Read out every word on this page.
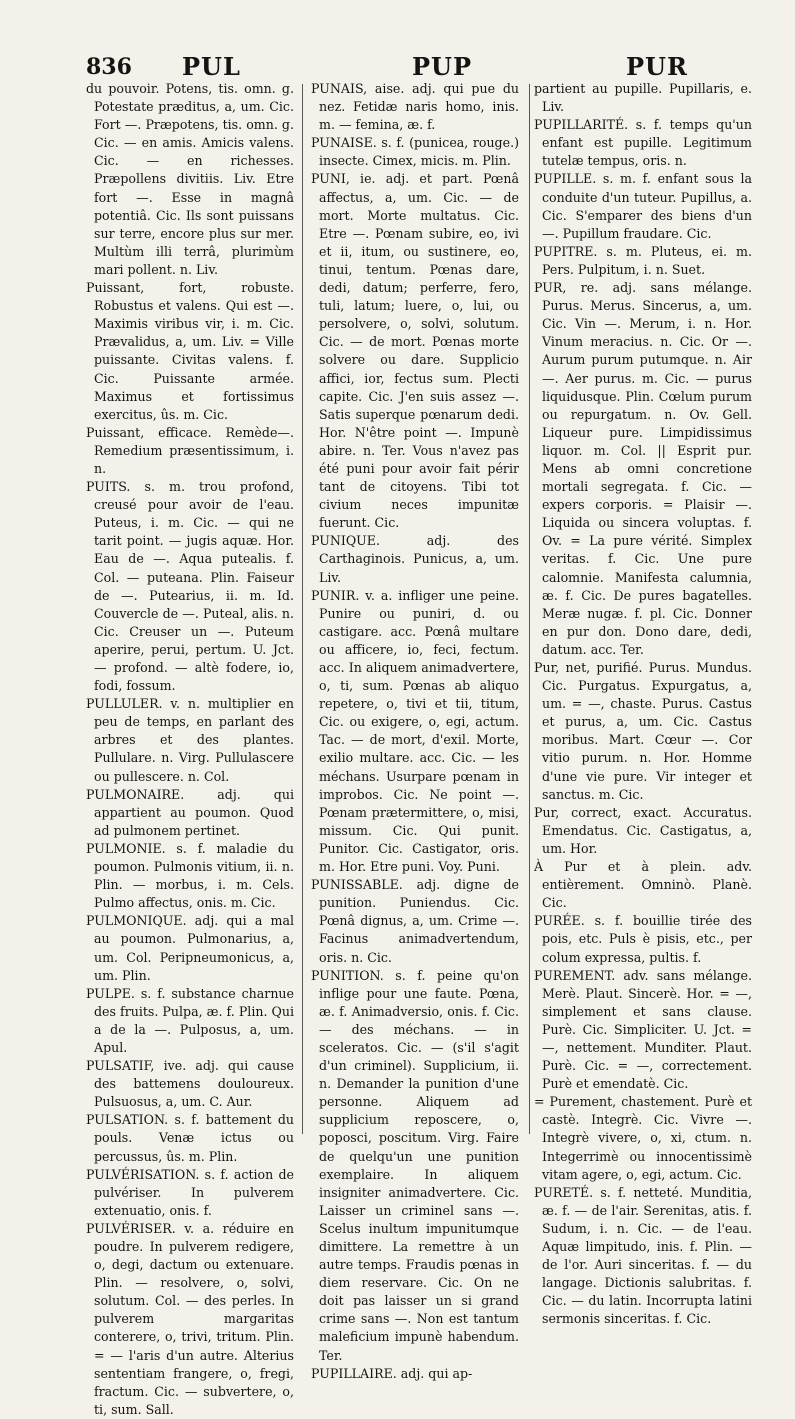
836 PUL	PUP	PUR

du pouvoir. Potens, tis. omn. g. Potestate præditus, a, um. Cic. Fort —. Præpotens, tis. omn. g. Cic. — en amis. Amicis valens. Cic. — en richesses. Præpollens divitiis. Liv. Etre fort —. Esse in magnâ potentiâ. Cic. Ils sont puissans sur terre, encore plus sur mer. Multùm illi terrâ, plurimùm mari pollent. n. Liv.

Puissant, fort, robuste. Robustus et valens. Qui est —. Maximis viribus vir, i. m. Cic. Prævalidus, a, um. Liv. = Ville puissante. Civitas valens. f. Cic. Puissante armée. Maximus et fortissimus exercitus, ûs. m. Cic.

Puissant, efficace. Remède—. Remedium præsentissimum, i. n.

PUITS. s. m. trou profond, creusé pour avoir de l'eau. Puteus, i. m. Cic. — qui ne tarit point. — jugis aquæ. Hor. Eau de —. Aqua putealis. f. Col. — puteana. Plin. Faiseur de —. Putearius, ii. m. Id. Couvercle de —. Puteal, alis. n. Cic. Creuser un —. Puteum aperire, perui, pertum. U. Jct. — profond. — altè fodere, io, fodi, fossum.

PULLULER. v. n. multiplier en peu de temps, en parlant des arbres et des plantes. Pullulare. n. Virg. Pullulascere ou pullescere. n. Col.

PULMONAIRE. adj. qui appartient au poumon. Quod ad pulmonem pertinet.

PULMONIE. s. f. maladie du poumon. Pulmonis vitium, ii. n. Plin. — morbus, i. m. Cels. Pulmo affectus, onis. m. Cic.

PULMONIQUE. adj. qui a mal au poumon. Pulmonarius, a, um. Col. Peripneumonicus, a, um. Plin.

PULPE. s. f. substance charnue des fruits. Pulpa, æ. f. Plin. Qui a de la —. Pulposus, a, um. Apul.

PULSATIF, ive. adj. qui cause des battemens douloureux. Pulsuosus, a, um. C. Aur.

PULSATION. s. f. battement du pouls. Venæ ictus ou percussus, ûs. m. Plin.

PULVÉRISATION. s. f. action de pulvériser. In pulverem extenuatio, onis. f.

PULVÉRISER. v. a. réduire en poudre. In pulverem redigere, o, degi, dactum ou extenuare. Plin. — resolvere, o, solvi, solutum. Col. — des perles. In pulverem margaritas conterere, o, trivi, tritum. Plin. = — l'aris d'un autre. Alterius sententiam frangere, o, fregi, fractum. Cic. — subvertere, o, ti, sum. Sall.

PUNAIS, aise. adj. qui pue du nez. Fetidæ naris homo, inis. m. — femina, æ. f.

PUNAISE. s. f. (punicea, rouge.) insecte. Cimex, micis. m. Plin.

PUNI, ie. adj. et part. Pœnâ affectus, a, um. Cic. — de mort. Morte multatus. Cic. Etre —. Pœnam subire, eo, ivi et ii, itum, ou sustinere, eo, tinui, tentum. Pœnas dare, dedi, datum; perferre, fero, tuli, latum; luere, o, lui, ou persolvere, o, solvi, solutum. Cic. — de mort. Pœnas morte solvere ou dare. Supplicio affici, ior, fectus sum. Plecti capite. Cic. J'en suis assez —. Satis superque pœnarum dedi. Hor. N'être point —. Impunè abire. n. Ter. Vous n'avez pas été puni pour avoir fait périr tant de citoyens. Tibi tot civium neces impunitæ fuerunt. Cic.

PUNIQUE. adj. des Carthaginois. Punicus, a, um. Liv.

PUNIR. v. a. infliger une peine. Punire ou puniri, d. ou castigare. acc. Pœnâ multare ou afficere, io, feci, fectum. acc. In aliquem animadvertere, o, ti, sum. Pœnas ab aliquo repetere, o, tivi et tii, titum, Cic. ou exigere, o, egi, actum. Tac. — de mort, d'exil. Morte, exilio multare. acc. Cic. — les méchans. Usurpare pœnam in improbos. Cic. Ne point —. Pœnam prætermittere, o, misi, missum. Cic. Qui punit. Punitor. Cic. Castigator, oris. m. Hor. Etre puni. Voy. Puni.

PUNISSABLE. adj. digne de punition. Puniendus. Cic. Pœnâ dignus, a, um. Crime —. Facinus animadvertendum, oris. n. Cic.

PUNITION. s. f. peine qu'on inflige pour une faute. Pœna, æ. f. Animadversio, onis. f. Cic. — des méchans. — in sceleratos. Cic. — (s'il s'agit d'un criminel). Supplicium, ii. n. Demander la punition d'une personne. Aliquem ad supplicium reposcere, o, poposci, poscitum. Virg. Faire de quelqu'un une punition exemplaire. In aliquem insigniter animadvertere. Cic. Laisser un criminel sans —. Scelus inultum impunitumque dimittere. La remettre à un autre temps. Fraudis pœnas in diem reservare. Cic. On ne doit pas laisser un si grand crime sans —. Non est tantum maleficium impunè habendum. Ter.

PUPILLAIRE. adj. qui ap-

partient au pupille. Pupillaris, e. Liv.

PUPILLARITÉ. s. f. temps qu'un enfant est pupille. Legitimum tutelæ tempus, oris. n.

PUPILLE. s. m. f. enfant sous la conduite d'un tuteur. Pupillus, a. Cic. S'emparer des biens d'un —. Pupillum fraudare. Cic.

PUPITRE. s. m. Pluteus, ei. m. Pers. Pulpitum, i. n. Suet.

PUR, re. adj. sans mélange. Purus. Merus. Sincerus, a, um. Cic. Vin —. Merum, i. n. Hor. Vinum meracius. n. Cic. Or —. Aurum purum putumque. n. Air —. Aer purus. m. Cic. — purus liquidusque. Plin. Cœlum purum ou repurgatum. n. Ov. Gell. Liqueur pure. Limpidissimus liquor. m. Col. || Esprit pur. Mens ab omni concretione mortali segregata. f. Cic. — expers corporis. = Plaisir —. Liquida ou sincera voluptas. f. Ov. = La pure vérité. Simplex veritas. f. Cic. Une pure calomnie. Manifesta calumnia, æ. f. Cic. De pures bagatelles. Meræ nugæ. f. pl. Cic. Donner en pur don. Dono dare, dedi, datum. acc. Ter.

Pur, net, purifié. Purus. Mundus. Cic. Purgatus. Expurgatus, a, um. = —, chaste. Purus. Castus et purus, a, um. Cic. Castus moribus. Mart. Cœur —. Cor vitio purum. n. Hor. Homme d'une vie pure. Vir integer et sanctus. m. Cic.

Pur, correct, exact. Accuratus. Emendatus. Cic. Castigatus, a, um. Hor.

À Pur et à plein. adv. entièrement. Omninò. Planè. Cic.

PURÉE. s. f. bouillie tirée des pois, etc. Puls è pisis, etc., per colum expressa, pultis. f.

PUREMENT. adv. sans mélange. Merè. Plaut. Sincerè. Hor. = —, simplement et sans clause. Purè. Cic. Simpliciter. U. Jct. = —, nettement. Munditer. Plaut. Purè. Cic. = —, correctement. Purè et emendatè. Cic.

= Purement, chastement. Purè et castè. Integrè. Cic. Vivre —. Integrè vivere, o, xi, ctum. n. Integerrimè ou innocentissimè vitam agere, o, egi, actum. Cic.

PURETÉ. s. f. netteté. Munditia, æ. f. — de l'air. Serenitas, atis. f. Sudum, i. n. Cic. — de l'eau. Aquæ limpitudo, inis. f. Plin. — de l'or. Auri sinceritas. f. — du langage. Dictionis salubritas. f. Cic. — du latin. Incorrupta latini sermonis sinceritas. f. Cic.
